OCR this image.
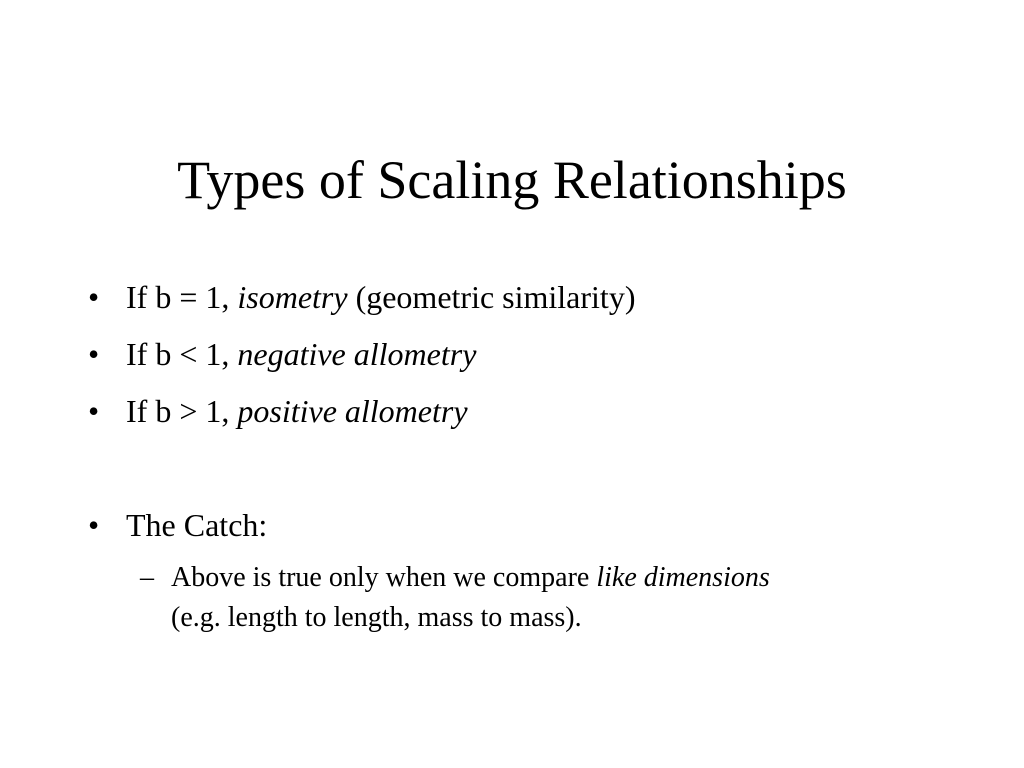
Types of Scaling Relationships
• If b = 1, isometry (geometric similarity)
• If b < 1, negative allometry
• If b > 1, positive allometry
• The Catch:
– Above is true only when we compare like dimensions
(e.g. length to length, mass to mass).
